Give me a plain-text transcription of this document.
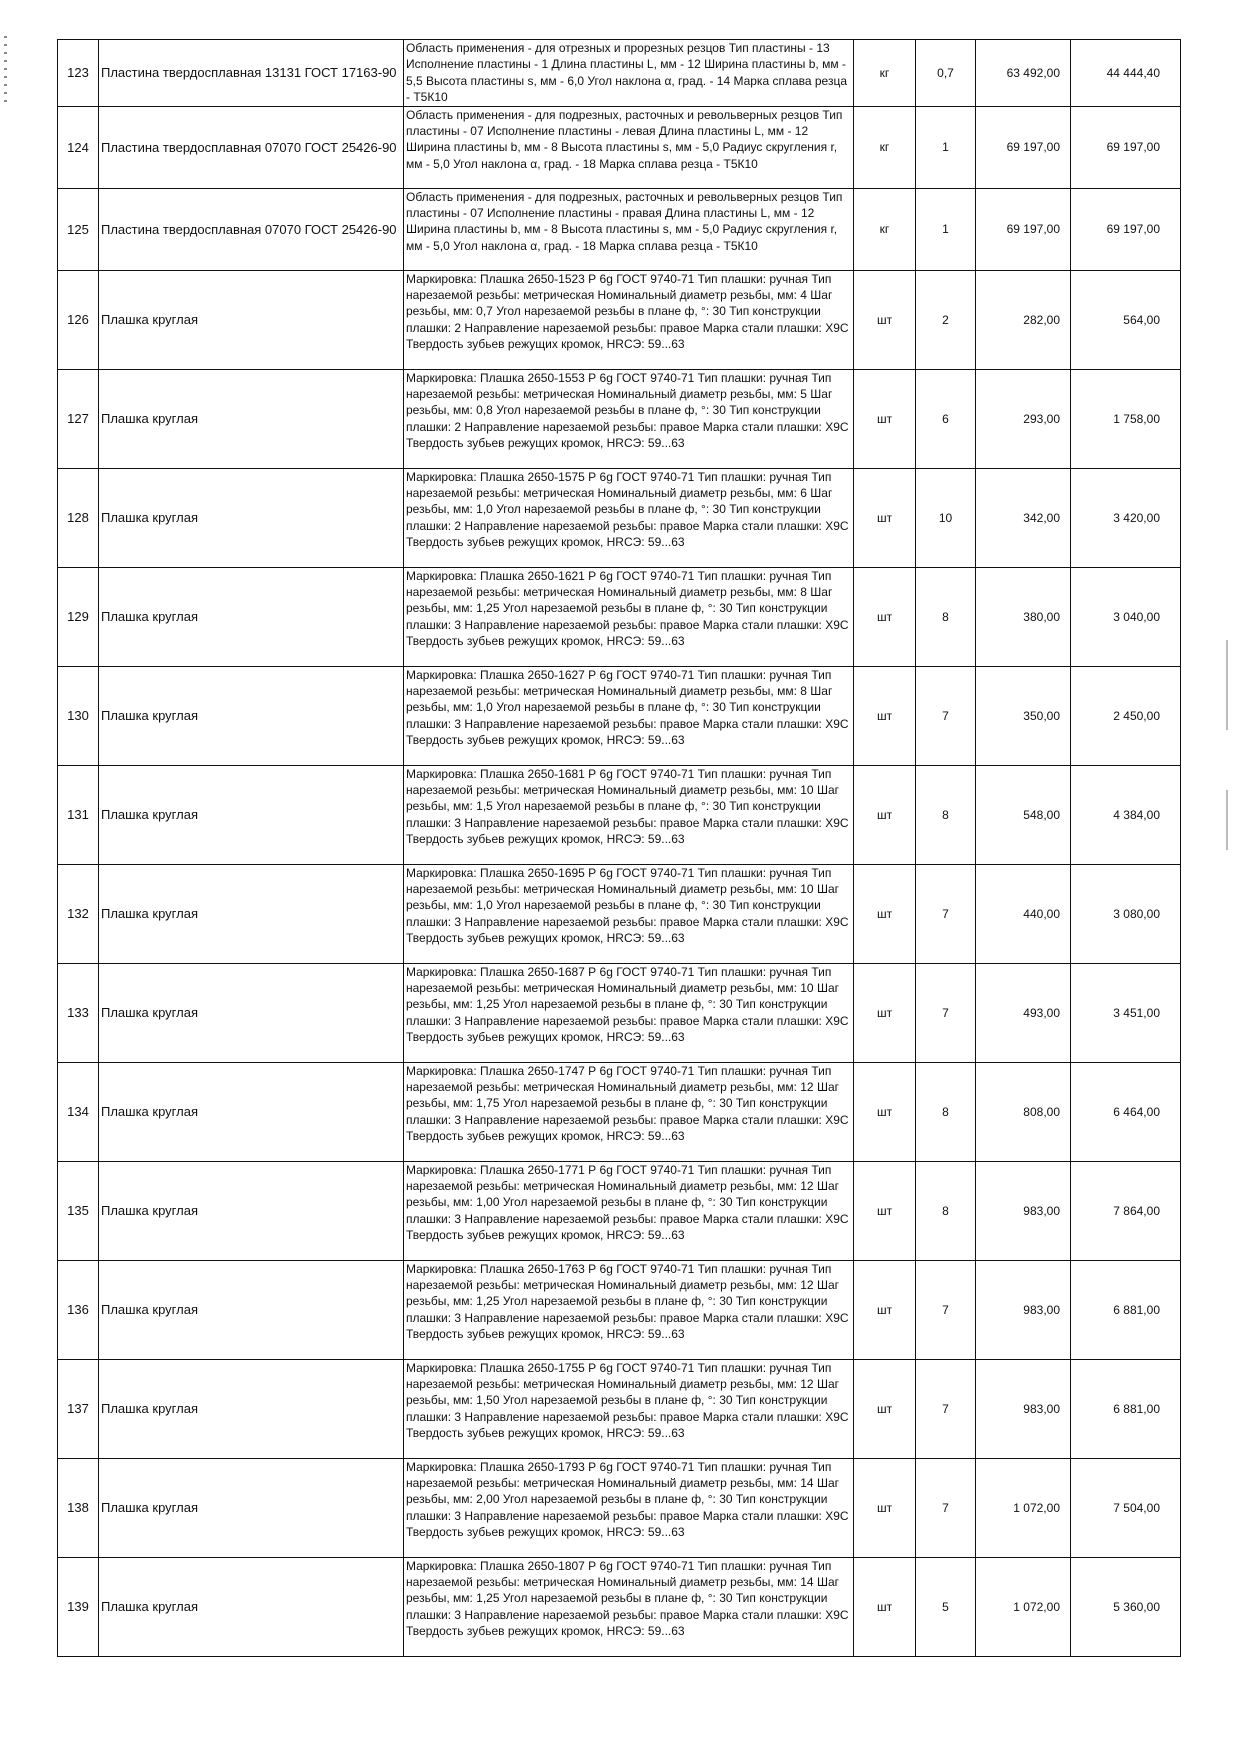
123	Пластина твердосплавная 13131 ГОСТ 17163-90	Область применения - для отрезных и прорезных резцов Тип пластины - 13 Исполнение пластины - 1 Длина пластины L, мм - 12 Ширина пластины b, мм - 5,5 Высота пластины s, мм - 6,0 Угол наклона α, град. - 14 Марка сплава резца - Т5К10	кг	0,7	63 492,00	44 444,40
124	Пластина твердосплавная 07070 ГОСТ 25426-90	Область применения - для подрезных, расточных и револьверных резцов Тип пластины - 07 Исполнение пластины - левая Длина пластины L, мм - 12 Ширина пластины b, мм - 8 Высота пластины s, мм - 5,0 Радиус скругления r, мм - 5,0 Угол наклона α, град. - 18 Марка сплава резца - Т5К10	кг	1	69 197,00	69 197,00
125	Пластина твердосплавная 07070 ГОСТ 25426-90	Область применения - для подрезных, расточных и револьверных резцов Тип пластины - 07 Исполнение пластины - правая Длина пластины L, мм - 12 Ширина пластины b, мм - 8 Высота пластины s, мм - 5,0 Радиус скругления r, мм - 5,0 Угол наклона α, град. - 18 Марка сплава резца - Т5К10	кг	1	69 197,00	69 197,00
126	Плашка круглая	Маркировка: Плашка 2650-1523 Р 6g ГОСТ 9740-71 Тип плашки: ручная Тип нарезаемой резьбы: метрическая Номинальный диаметр резьбы, мм: 4 Шаг резьбы, мм: 0,7 Угол нарезаемой резьбы в плане ф, °: 30 Тип конструкции плашки: 2 Направление нарезаемой резьбы: правое Марка стали плашки: Х9С Твердость зубьев режущих кромок, HRCЭ: 59...63	шт	2	282,00	564,00
127	Плашка круглая	Маркировка: Плашка 2650-1553 Р 6g ГОСТ 9740-71 Тип плашки: ручная Тип нарезаемой резьбы: метрическая Номинальный диаметр резьбы, мм: 5 Шаг резьбы, мм: 0,8 Угол нарезаемой резьбы в плане ф, °: 30 Тип конструкции плашки: 2 Направление нарезаемой резьбы: правое Марка стали плашки: Х9С Твердость зубьев режущих кромок, HRCЭ: 59...63	шт	6	293,00	1 758,00
128	Плашка круглая	Маркировка: Плашка 2650-1575 Р 6g ГОСТ 9740-71 Тип плашки: ручная Тип нарезаемой резьбы: метрическая Номинальный диаметр резьбы, мм: 6 Шаг резьбы, мм: 1,0 Угол нарезаемой резьбы в плане ф, °: 30 Тип конструкции плашки: 2 Направление нарезаемой резьбы: правое Марка стали плашки: Х9С Твердость зубьев режущих кромок, HRCЭ: 59...63	шт	10	342,00	3 420,00
129	Плашка круглая	Маркировка: Плашка 2650-1621 Р 6g ГОСТ 9740-71 Тип плашки: ручная Тип нарезаемой резьбы: метрическая Номинальный диаметр резьбы, мм: 8 Шаг резьбы, мм: 1,25 Угол нарезаемой резьбы в плане ф, °: 30 Тип конструкции плашки: 3 Направление нарезаемой резьбы: правое Марка стали плашки: Х9С Твердость зубьев режущих кромок, HRCЭ: 59...63	шт	8	380,00	3 040,00
130	Плашка круглая	Маркировка: Плашка 2650-1627 Р 6g ГОСТ 9740-71 Тип плашки: ручная Тип нарезаемой резьбы: метрическая Номинальный диаметр резьбы, мм: 8 Шаг резьбы, мм: 1,0 Угол нарезаемой резьбы в плане ф, °: 30 Тип конструкции плашки: 3 Направление нарезаемой резьбы: правое Марка стали плашки: Х9С Твердость зубьев режущих кромок, HRCЭ: 59...63	шт	7	350,00	2 450,00
131	Плашка круглая	Маркировка: Плашка 2650-1681 Р 6g ГОСТ 9740-71 Тип плашки: ручная Тип нарезаемой резьбы: метрическая Номинальный диаметр резьбы, мм: 10 Шаг резьбы, мм: 1,5 Угол нарезаемой резьбы в плане ф, °: 30 Тип конструкции плашки: 3 Направление нарезаемой резьбы: правое Марка стали плашки: Х9С Твердость зубьев режущих кромок, HRCЭ: 59...63	шт	8	548,00	4 384,00
132	Плашка круглая	Маркировка: Плашка 2650-1695 Р 6g ГОСТ 9740-71 Тип плашки: ручная Тип нарезаемой резьбы: метрическая Номинальный диаметр резьбы, мм: 10 Шаг резьбы, мм: 1,0 Угол нарезаемой резьбы в плане ф, °: 30 Тип конструкции плашки: 3 Направление нарезаемой резьбы: правое Марка стали плашки: Х9С Твердость зубьев режущих кромок, HRCЭ: 59...63	шт	7	440,00	3 080,00
133	Плашка круглая	Маркировка: Плашка 2650-1687 Р 6g ГОСТ 9740-71 Тип плашки: ручная Тип нарезаемой резьбы: метрическая Номинальный диаметр резьбы, мм: 10 Шаг резьбы, мм: 1,25 Угол нарезаемой резьбы в плане ф, °: 30 Тип конструкции плашки: 3 Направление нарезаемой резьбы: правое Марка стали плашки: Х9С Твердость зубьев режущих кромок, HRCЭ: 59...63	шт	7	493,00	3 451,00
134	Плашка круглая	Маркировка: Плашка 2650-1747 Р 6g ГОСТ 9740-71 Тип плашки: ручная Тип нарезаемой резьбы: метрическая Номинальный диаметр резьбы, мм: 12 Шаг резьбы, мм: 1,75 Угол нарезаемой резьбы в плане ф, °: 30 Тип конструкции плашки: 3 Направление нарезаемой резьбы: правое Марка стали плашки: Х9С Твердость зубьев режущих кромок, HRCЭ: 59...63	шт	8	808,00	6 464,00
135	Плашка круглая	Маркировка: Плашка 2650-1771 Р 6g ГОСТ 9740-71 Тип плашки: ручная Тип нарезаемой резьбы: метрическая Номинальный диаметр резьбы, мм: 12 Шаг резьбы, мм: 1,00 Угол нарезаемой резьбы в плане ф, °: 30 Тип конструкции плашки: 3 Направление нарезаемой резьбы: правое Марка стали плашки: Х9С Твердость зубьев режущих кромок, HRCЭ: 59...63	шт	8	983,00	7 864,00
136	Плашка круглая	Маркировка: Плашка 2650-1763 Р 6g ГОСТ 9740-71 Тип плашки: ручная Тип нарезаемой резьбы: метрическая Номинальный диаметр резьбы, мм: 12 Шаг резьбы, мм: 1,25 Угол нарезаемой резьбы в плане ф, °: 30 Тип конструкции плашки: 3 Направление нарезаемой резьбы: правое Марка стали плашки: Х9С Твердость зубьев режущих кромок, HRCЭ: 59...63	шт	7	983,00	6 881,00
137	Плашка круглая	Маркировка: Плашка 2650-1755 Р 6g ГОСТ 9740-71 Тип плашки: ручная Тип нарезаемой резьбы: метрическая Номинальный диаметр резьбы, мм: 12 Шаг резьбы, мм: 1,50 Угол нарезаемой резьбы в плане ф, °: 30 Тип конструкции плашки: 3 Направление нарезаемой резьбы: правое Марка стали плашки: Х9С Твердость зубьев режущих кромок, HRCЭ: 59...63	шт	7	983,00	6 881,00
138	Плашка круглая	Маркировка: Плашка 2650-1793 Р 6g ГОСТ 9740-71 Тип плашки: ручная Тип нарезаемой резьбы: метрическая Номинальный диаметр резьбы, мм: 14 Шаг резьбы, мм: 2,00 Угол нарезаемой резьбы в плане ф, °: 30 Тип конструкции плашки: 3 Направление нарезаемой резьбы: правое Марка стали плашки: Х9С Твердость зубьев режущих кромок, HRCЭ: 59...63	шт	7	1 072,00	7 504,00
139	Плашка круглая	Маркировка: Плашка 2650-1807 Р 6g ГОСТ 9740-71 Тип плашки: ручная Тип нарезаемой резьбы: метрическая Номинальный диаметр резьбы, мм: 14 Шаг резьбы, мм: 1,25 Угол нарезаемой резьбы в плане ф, °: 30 Тип конструкции плашки: 3 Направление нарезаемой резьбы: правое Марка стали плашки: Х9С Твердость зубьев режущих кромок, HRCЭ: 59...63	шт	5	1 072,00	5 360,00
